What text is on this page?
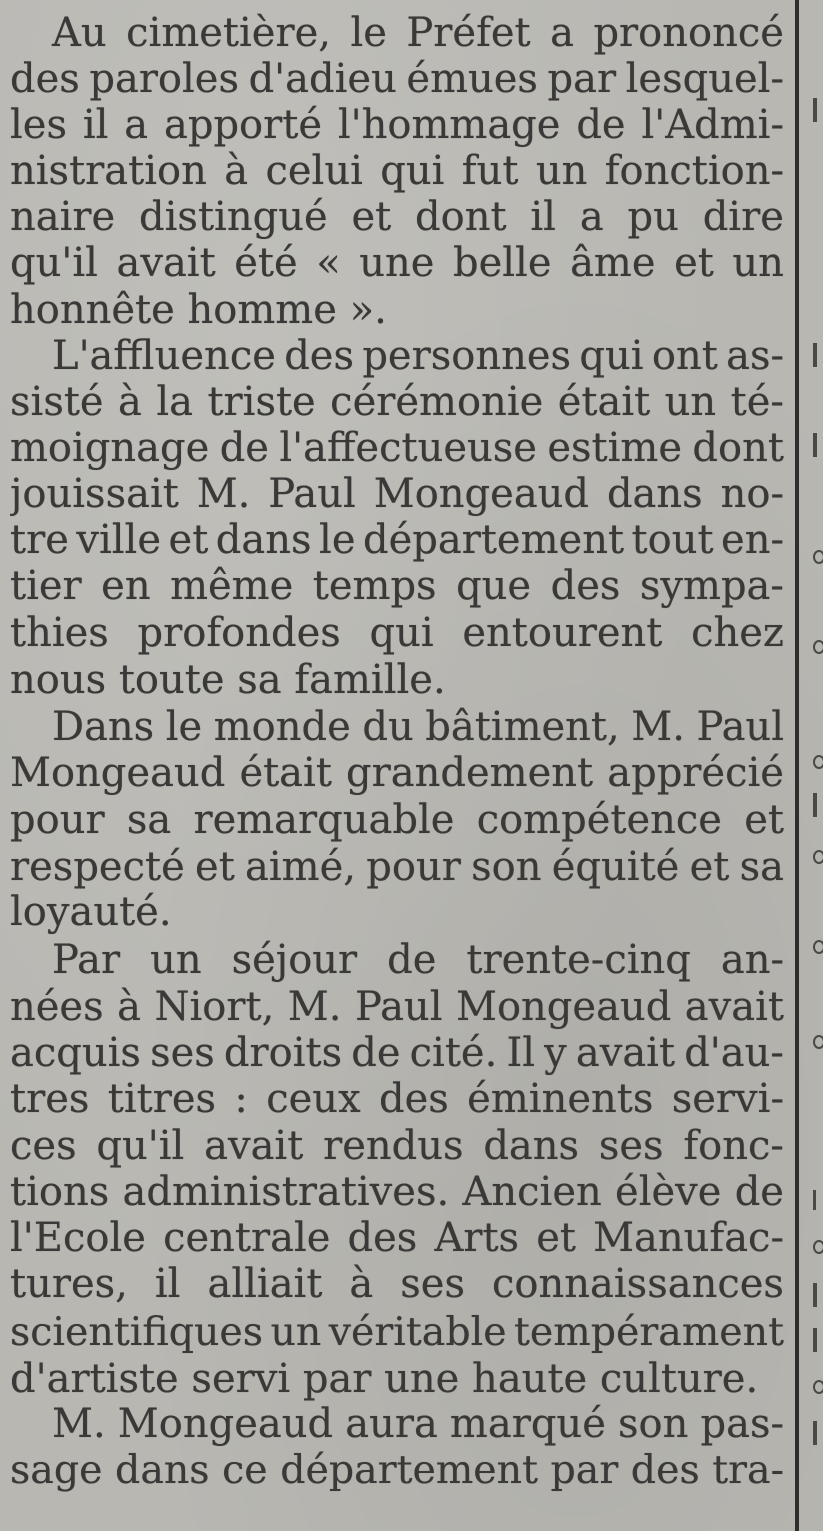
Au cimetière, le Préfet a prononcé
des paroles d'adieu émues par lesquel-
les il a apporté l'hommage de l'Admi-
nistration à celui qui fut un fonction-
naire distingué et dont il a pu dire
qu'il avait été « une belle âme et un
honnête homme ».
L'affluence des personnes qui ont as-
sisté à la triste cérémonie était un té-
moignage de l'affectueuse estime dont
jouissait M. Paul Mongeaud dans no-
tre ville et dans le département tout en-
tier en même temps que des sympa-
thies profondes qui entourent chez
nous toute sa famille.
Dans le monde du bâtiment, M. Paul
Mongeaud était grandement apprécié
pour sa remarquable compétence et
respecté et aimé, pour son équité et sa
loyauté.
Par un séjour de trente-cinq an-
nées à Niort, M. Paul Mongeaud avait
acquis ses droits de cité. Il y avait d'au-
tres titres : ceux des éminents servi-
ces qu'il avait rendus dans ses fonc-
tions administratives. Ancien élève de
l'Ecole centrale des Arts et Manufac-
tures, il alliait à ses connaissances
scientifiques un véritable tempérament
d'artiste servi par une haute culture.
M. Mongeaud aura marqué son pas-
sage dans ce département par des tra-
